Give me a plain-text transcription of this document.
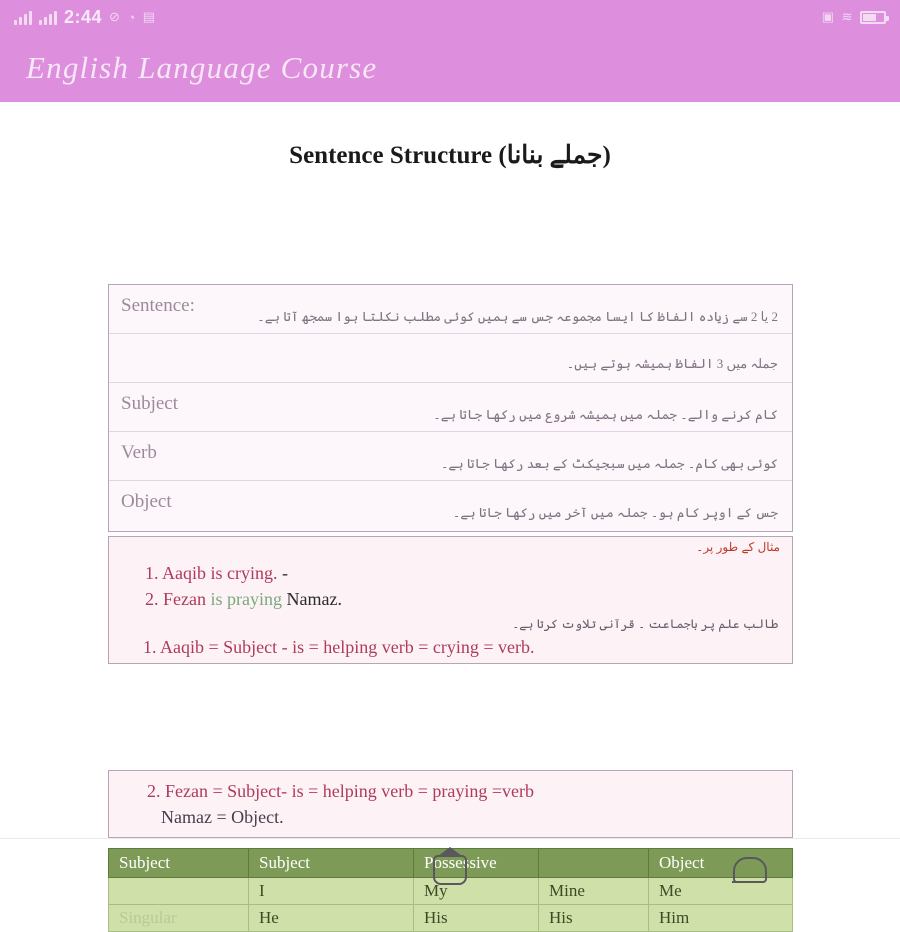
2:44 ⊘ ◔ ▤	▣ ≋
English Language Course
Sentence Structure (جملے بنانا)
Sentence:
2 یا 2 سے زیادہ الفاظ کا ایسا مجموعہ جس سے ہمیں کوئی مطلب نکلتا ہوا سمجھ آتا ہے۔
جملہ میں 3 الفاظ ہمیشہ ہوتے ہیں۔
Subject
کام کرنے والے۔ جملہ میں ہمیشہ شروع میں رکھا جاتا ہے۔
Verb
کوئی بھی کام۔ جملہ میں سبجیکٹ کے بعد رکھا جاتا ہے۔
Object
جس کے اوپر کام ہو۔ جملہ میں آخر میں رکھا جاتا ہے۔
مثال کے طور پر۔
1. Aaqib is crying. -
2. Fezan is praying Namaz.
طالب علم پر باجماعت ۔ قرآنی تلاوت کرتا ہے۔
1. Aaqib = Subject - is = helping verb = crying = verb.
2. Fezan = Subject- is = helping verb = praying =verb
Namaz = Object.
Subject	Subject	Possessive		Object
	I	My	Mine	Me
Singular	He	His	His	Him
